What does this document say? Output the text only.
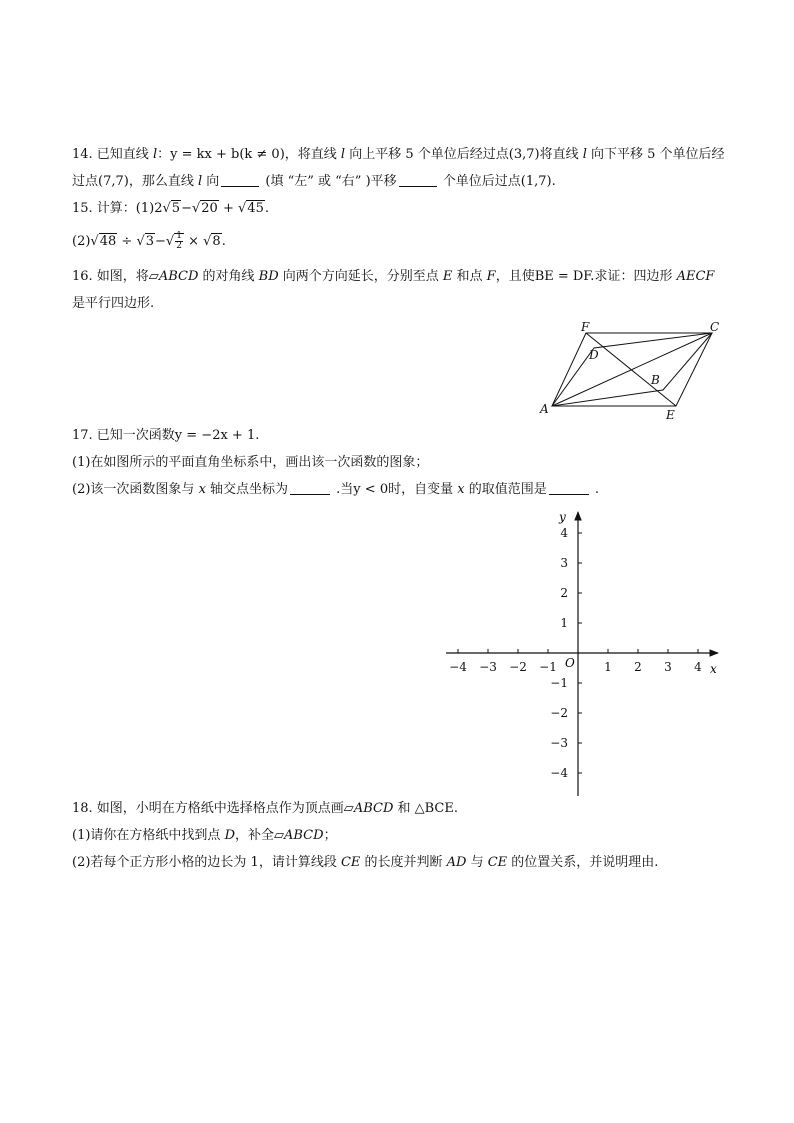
14. 已知直线 l：y = kx + b(k ≠ 0)，将直线 l 向上平移 5 个单位后经过点(3,7)将直线 l 向下平移 5 个单位后经
过点(7,7)，那么直线 l 向	(填 “左” 或 “右” )平移	个单位后过点(1,7).
15. 计算：(1)2√5−√20 + √45.
$(2)√48 \div √3-√ \frac{1}{2} \times √8$.
16. 如图，将▱ABCD 的对角线 BD 向两个方向延长，分别至点 E 和点 F，且使BE = DF.求证：四边形 AECF
是平行四边形.
F	C
D
B
A	E
17. 已知一次函数y = −2x + 1.
(1)在如图所示的平面直角坐标系中，画出该一次函数的图象；
(2)该一次函数图象与 x 轴交点坐标为	.当y < 0时，自变量 x 的取值范围是	.
−4 −3 −2 −1	1 2 3 4
4
3
2
1
−1
−2
−3
−4
O	x
y
18. 如图，小明在方格纸中选择格点作为顶点画▱ABCD 和 △BCE.
(1)请你在方格纸中找到点 D，补全▱ABCD；
(2)若每个正方形小格的边长为 1，请计算线段 CE 的长度并判断 AD 与 CE 的位置关系，并说明理由.
